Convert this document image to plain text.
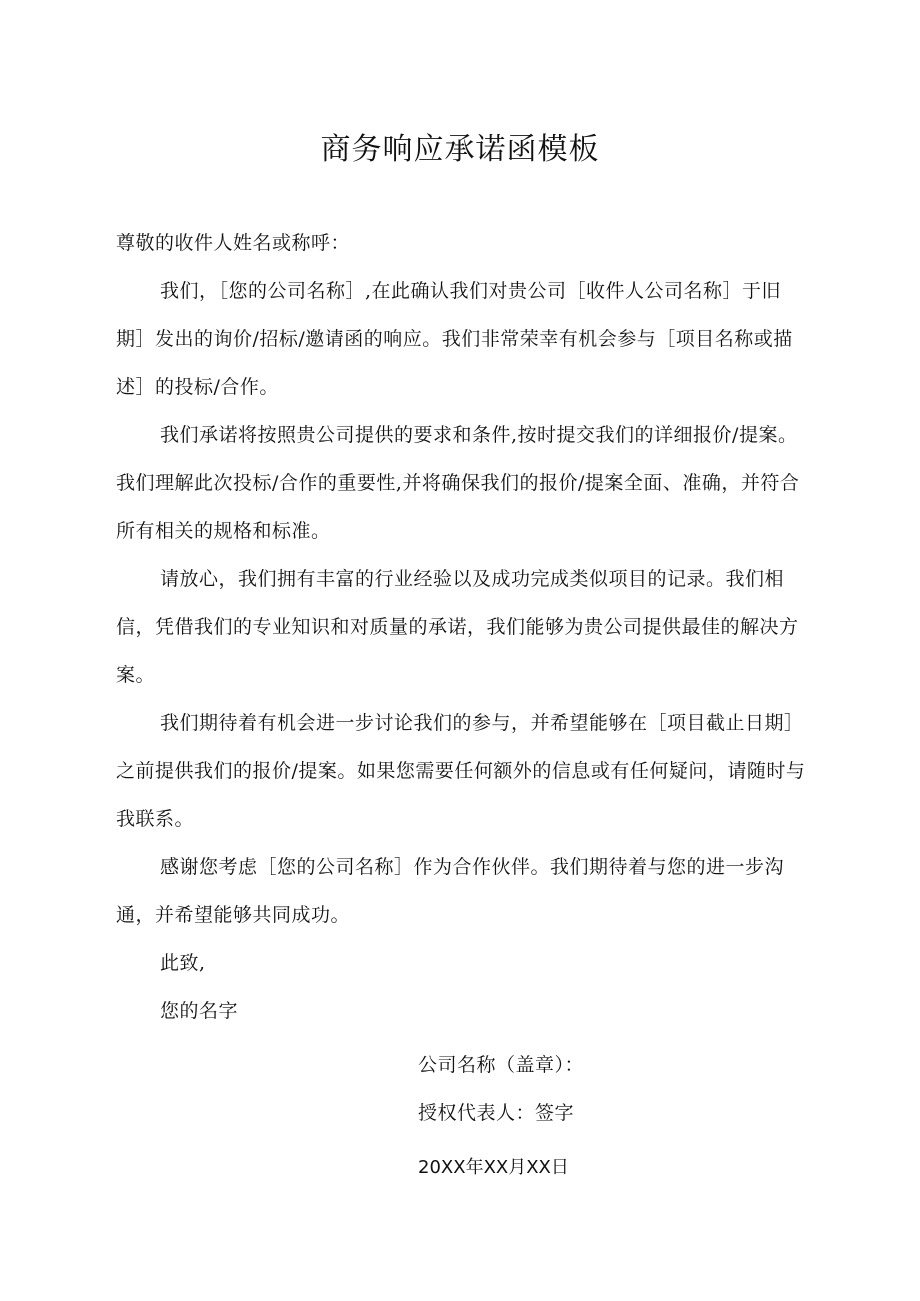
商务响应承诺函模板

尊敬的收件人姓名或称呼：

我们，［您的公司名称］,在此确认我们对贵公司［收件人公司名称］于旧期］发出的询价/招标/邀请函的响应。我们非常荣幸有机会参与［项目名称或描述］的投标/合作。

我们承诺将按照贵公司提供的要求和条件,按时提交我们的详细报价/提案。我们理解此次投标/合作的重要性,并将确保我们的报价/提案全面、准确，并符合所有相关的规格和标准。

请放心，我们拥有丰富的行业经验以及成功完成类似项目的记录。我们相信，凭借我们的专业知识和对质量的承诺，我们能够为贵公司提供最佳的解决方案。

我们期待着有机会进一步讨论我们的参与，并希望能够在［项目截止日期］之前提供我们的报价/提案。如果您需要任何额外的信息或有任何疑问，请随时与我联系。

感谢您考虑［您的公司名称］作为合作伙伴。我们期待着与您的进一步沟通，并希望能够共同成功。

此致,

您的名字

公司名称（盖章）：

授权代表人：签字

20XX年XX月XX日
